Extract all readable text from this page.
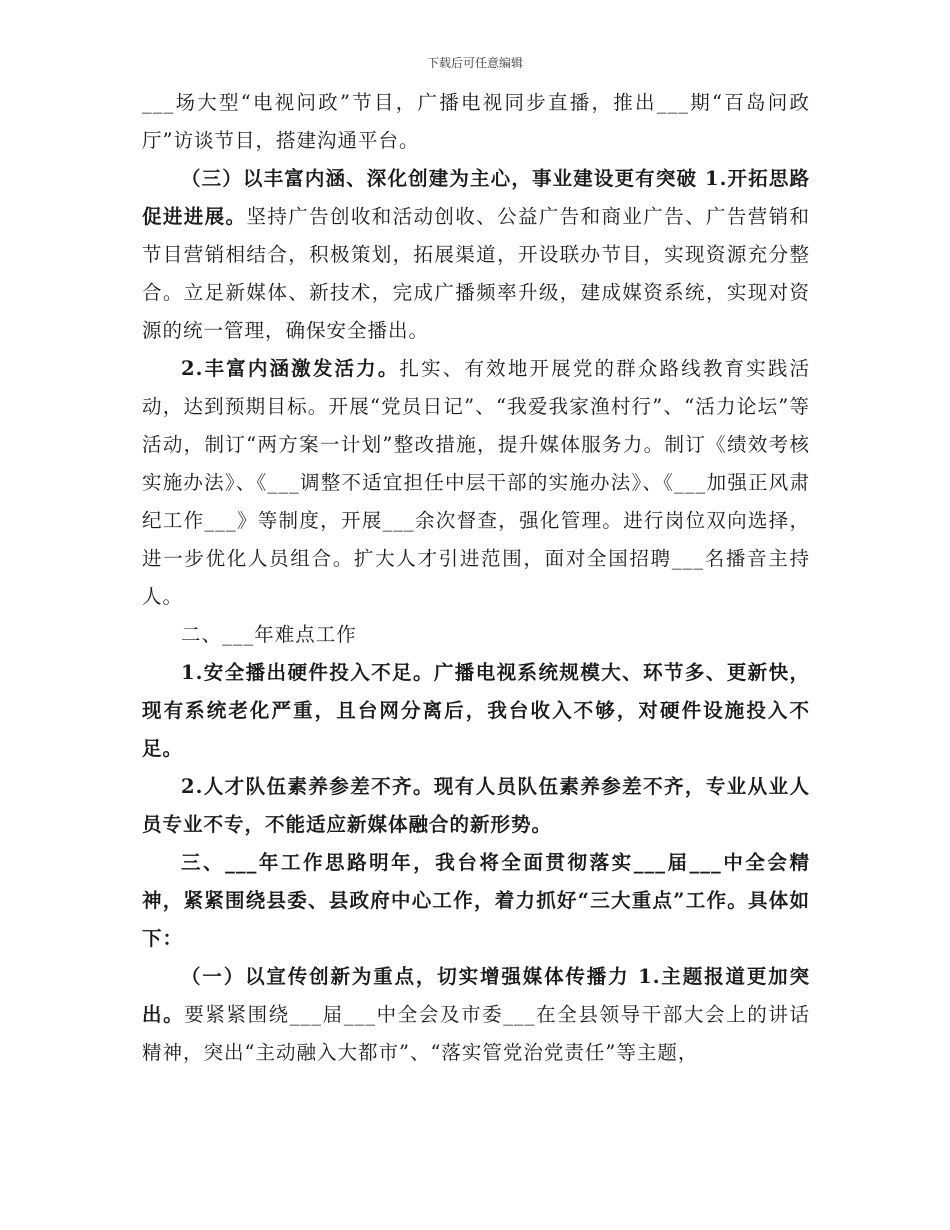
下载后可任意编辑

___场大型“电视问政”节目，广播电视同步直播，推出___期“百岛问政厅”访谈节目，搭建沟通平台。

（三）以丰富内涵、深化创建为主心，事业建设更有突破 1.开拓思路促进进展。坚持广告创收和活动创收、公益广告和商业广告、广告营销和节目营销相结合，积极策划，拓展渠道，开设联办节目，实现资源充分整合。立足新媒体、新技术，完成广播频率升级，建成媒资系统，实现对资源的统一管理，确保安全播出。

2.丰富内涵激发活力。扎实、有效地开展党的群众路线教育实践活动，达到预期目标。开展“党员日记”、“我爱我家渔村行”、“活力论坛”等活动，制订“两方案一计划”整改措施，提升媒体服务力。制订《绩效考核实施办法》、《___调整不适宜担任中层干部的实施办法》、《___加强正风肃纪工作___》等制度，开展___余次督查，强化管理。进行岗位双向选择，进一步优化人员组合。扩大人才引进范围，面对全国招聘___名播音主持人。

二、___年难点工作

1.安全播出硬件投入不足。广播电视系统规模大、环节多、更新快，现有系统老化严重，且台网分离后，我台收入不够，对硬件设施投入不足。

2.人才队伍素养参差不齐。现有人员队伍素养参差不齐，专业从业人员专业不专，不能适应新媒体融合的新形势。

三、___年工作思路明年，我台将全面贯彻落实___届___中全会精神，紧紧围绕县委、县政府中心工作，着力抓好“三大重点”工作。具体如下：

（一）以宣传创新为重点，切实增强媒体传播力 1.主题报道更加突出。要紧紧围绕___届___中全会及市委___在全县领导干部大会上的讲话精神，突出“主动融入大都市”、“落实管党治党责任”等主题，
